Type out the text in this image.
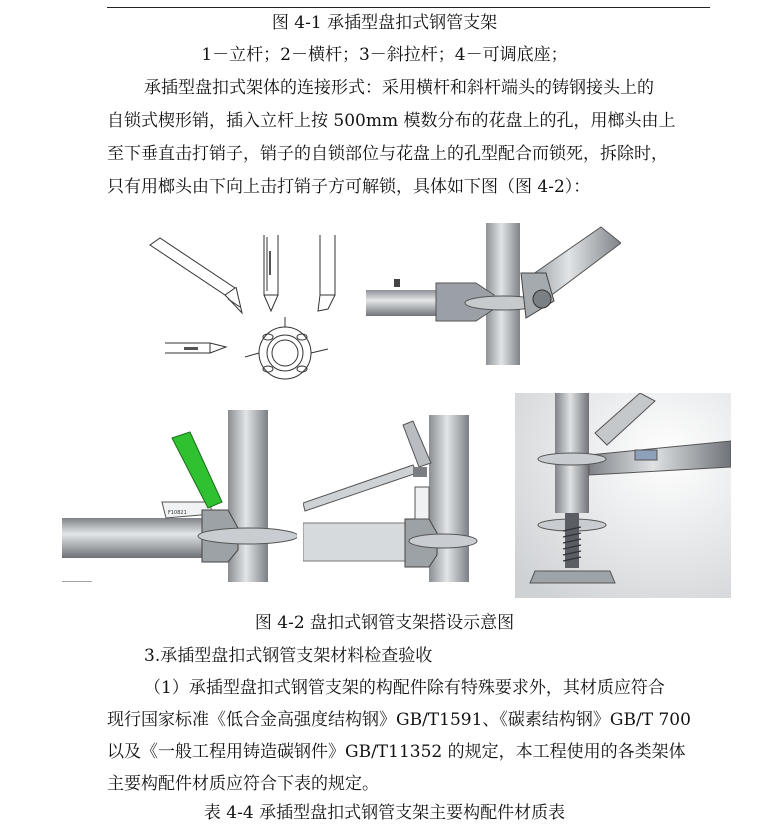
图 4-1 承插型盘扣式钢管支架
1－立杆；2－横杆；3－斜拉杆；4－可调底座；
承插型盘扣式架体的连接形式：采用横杆和斜杆端头的铸钢接头上的
自锁式楔形销，插入立杆上按 500mm 模数分布的花盘上的孔，用榔头由上
至下垂直击打销子，销子的自锁部位与花盘上的孔型配合而锁死，拆除时，
只有用榔头由下向上击打销子方可解锁，具体如下图（图 4-2）：
F10821
图 4-2 盘扣式钢管支架搭设示意图
3.承插型盘扣式钢管支架材料检查验收
（1）承插型盘扣式钢管支架的构配件除有特殊要求外，其材质应符合
现行国家标准《低合金高强度结构钢》GB/T1591、《碳素结构钢》GB/T 700
以及《一般工程用铸造碳钢件》GB/T11352 的规定，本工程使用的各类架体
主要构配件材质应符合下表的规定。
表 4-4 承插型盘扣式钢管支架主要构配件材质表
